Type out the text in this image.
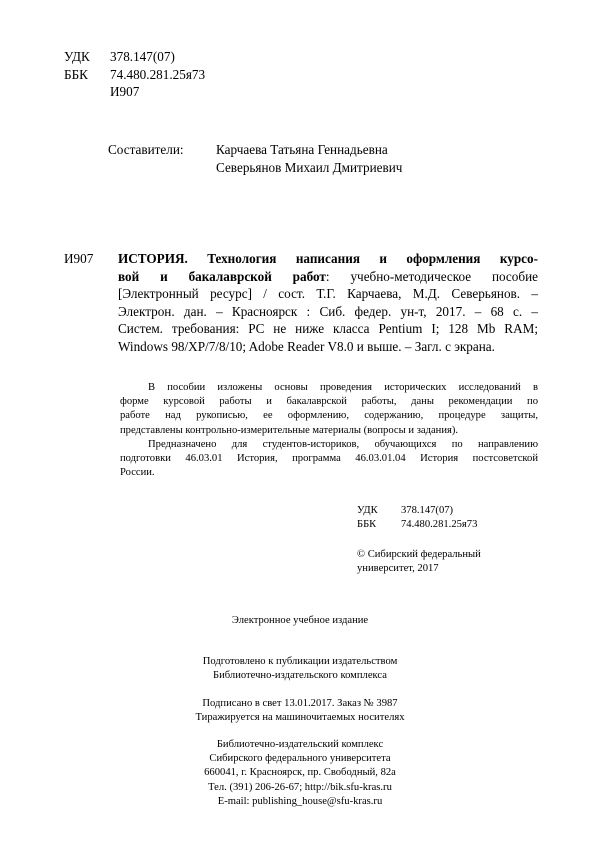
УДК	378.147(07)
ББК	74.480.281.25я73
И907
Составители: Карчаева Татьяна Геннадьевна
Северьянов Михаил Дмитриевич
И907 ИСТОРИЯ. Технология написания и оформления курсо-
вой и бакалаврской работ: учебно-методическое пособие
[Электронный ресурс] / сост. Т.Г. Карчаева, М.Д. Северьянов. –
Электрон. дан. – Красноярск : Сиб. федер. ун-т, 2017. – 68 с. –
Систем. требования: PC не ниже класса Pentium I; 128 Mb RAM;
Windows 98/XP/7/8/10; Adobe Reader V8.0 и выше. – Загл. с экрана.
В пособии изложены основы проведения исторических исследований в
форме курсовой работы и бакалаврской работы, даны рекомендации по
работе над рукописью, ее оформлению, содержанию, процедуре защиты,
представлены контрольно-измерительные материалы (вопросы и задания).
Предназначено для студентов-историков, обучающихся по направлению
подготовки 46.03.01 История, программа 46.03.01.04 История постсоветской
России.
УДК	378.147(07)
ББК	74.480.281.25я73
© Сибирский федеральный
университет, 2017
Электронное учебное издание
Подготовлено к публикации издательством
Библиотечно-издательского комплекса
Подписано в свет 13.01.2017. Заказ № 3987
Тиражируется на машиночитаемых носителях
Библиотечно-издательский комплекс
Сибирского федерального университета
660041, г. Красноярск, пр. Свободный, 82а
Тел. (391) 206-26-67; http://bik.sfu-kras.ru
E-mail: publishing_house@sfu-kras.ru
